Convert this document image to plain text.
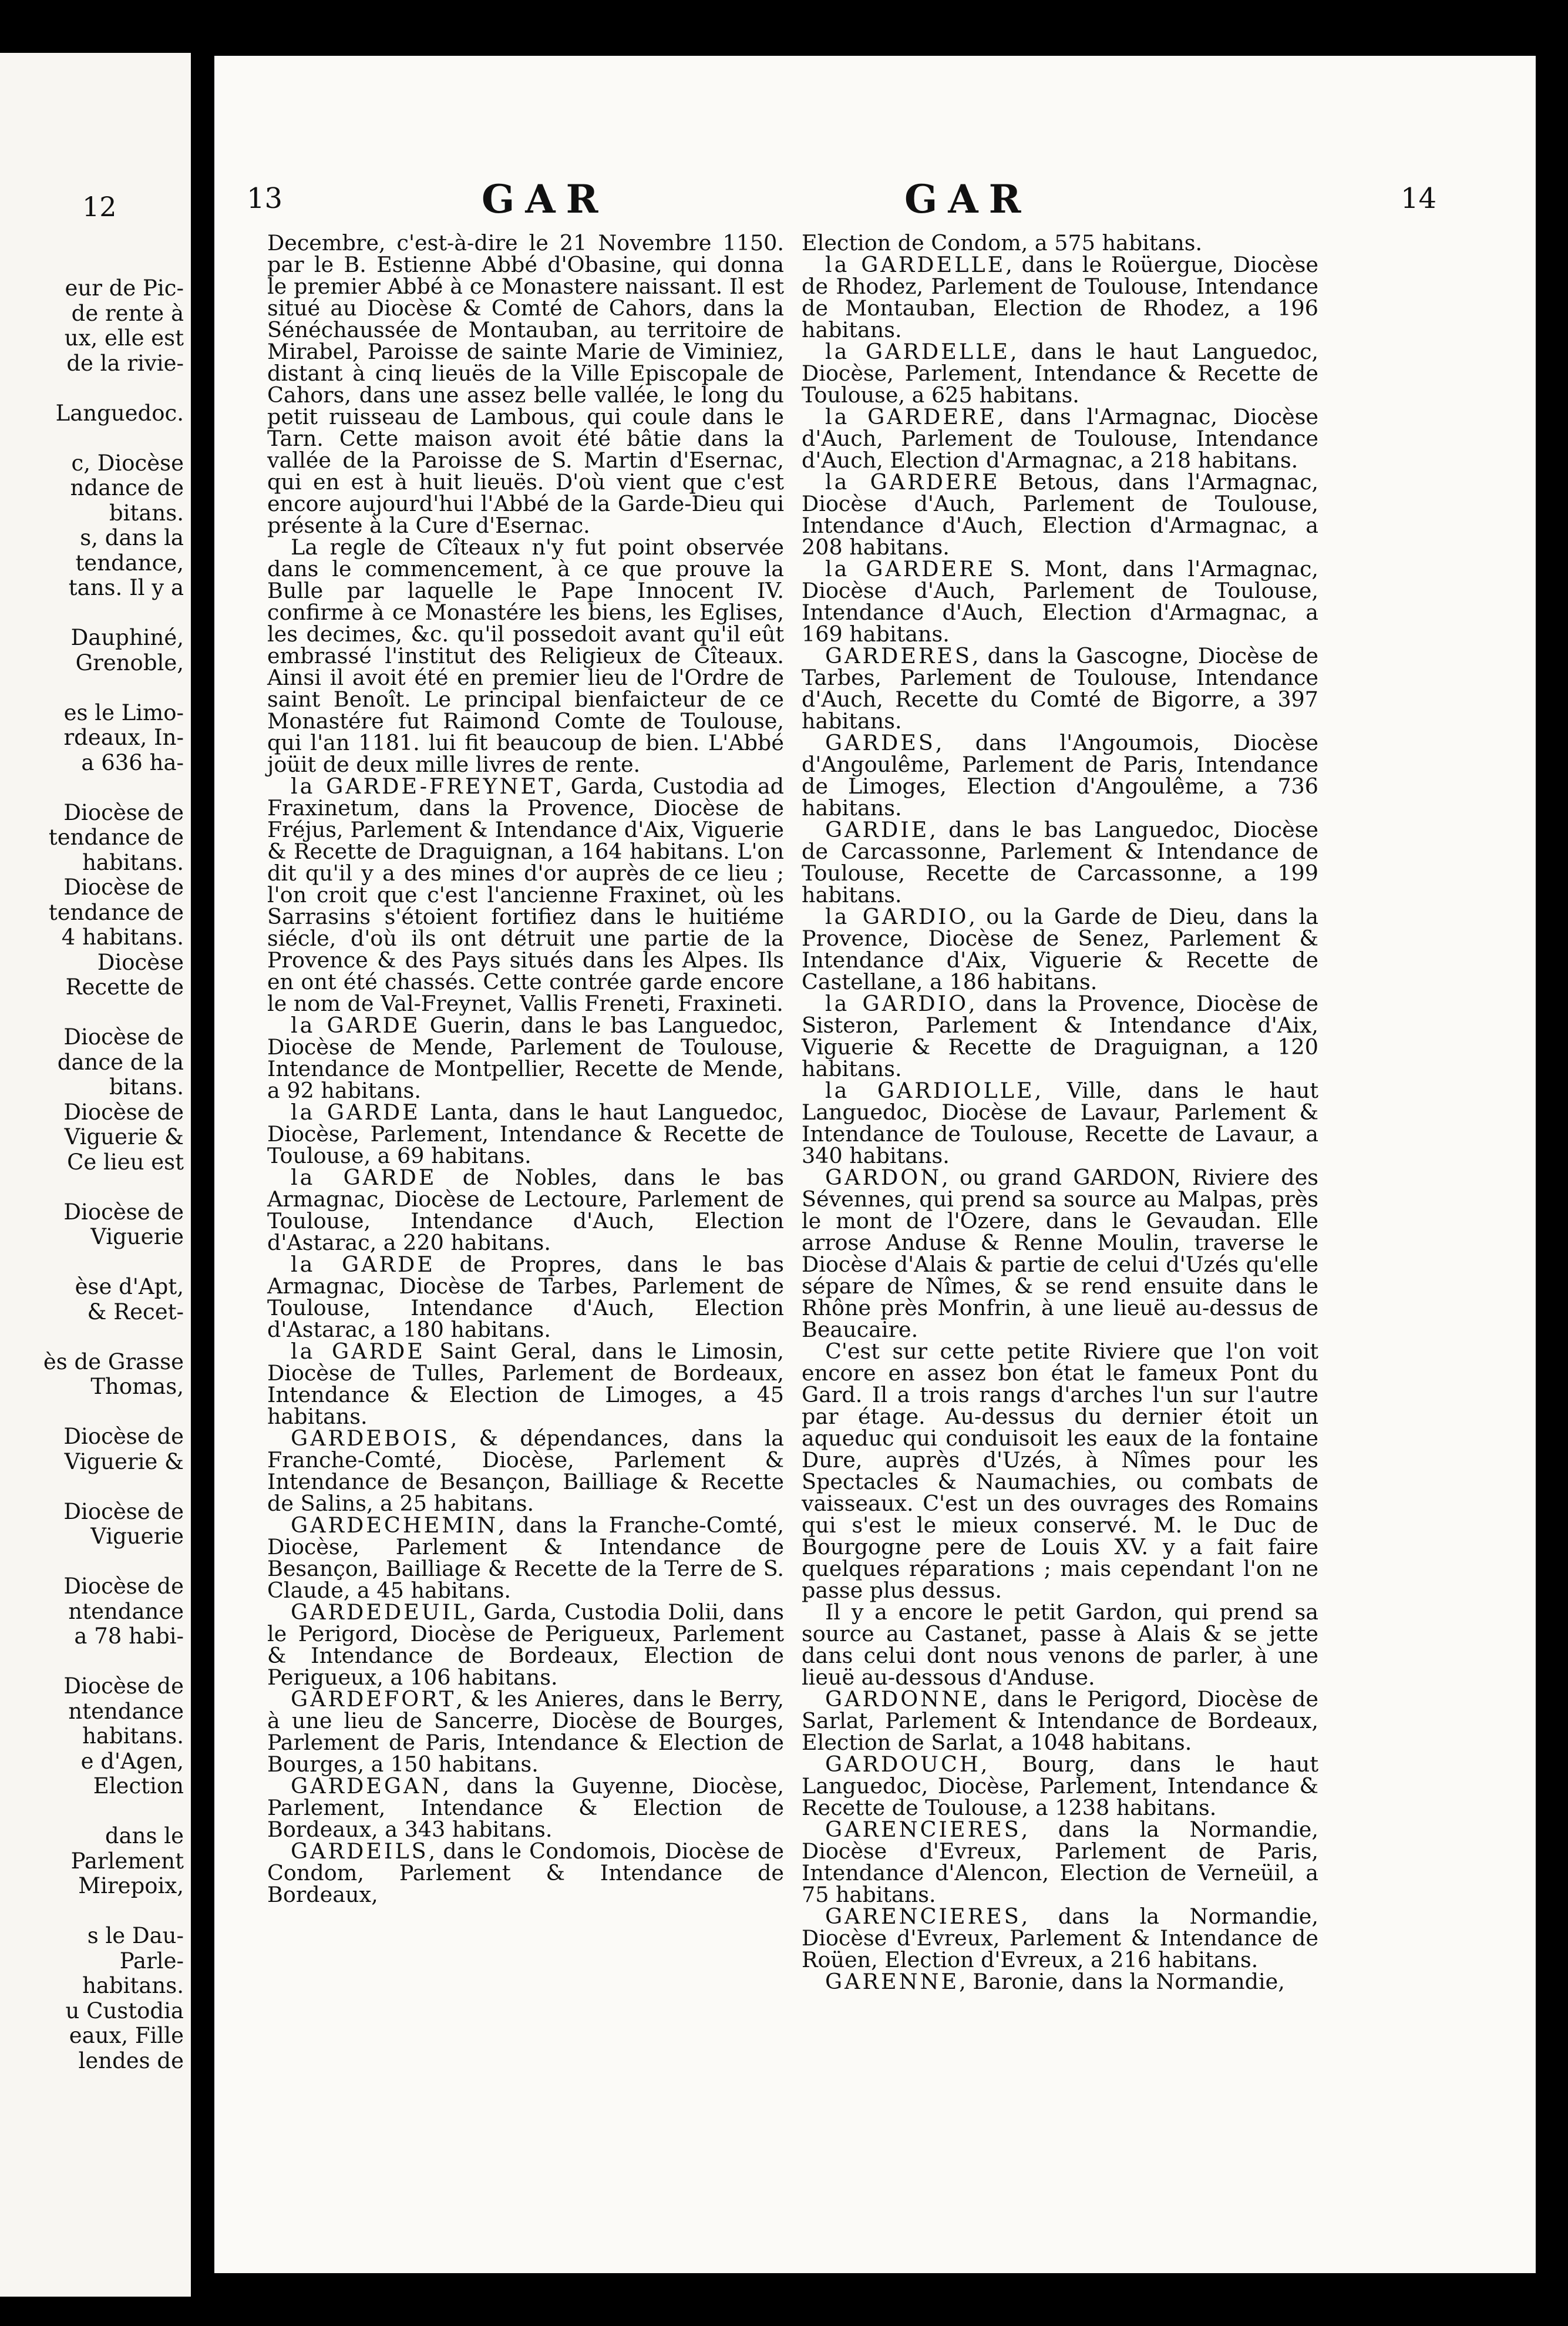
12
eur de Pic-
de rente à
ux, elle est
de la rivie-

Languedoc.

c, Diocèse
ndance de
bitans.
s, dans la
tendance,
tans. Il y a

Dauphiné,
Grenoble,

es le Limo-
rdeaux, In-
a 636 ha-

Diocèse de
tendance de
habitans.
Diocèse de
tendance de
4 habitans.
Diocèse
Recette de

Diocèse de
dance de la
bitans.
Diocèse de
Viguerie &
Ce lieu est

Diocèse de
Viguerie

èse d'Apt,
& Recet-

ès de Grasse
Thomas,

Diocèse de
Viguerie &

Diocèse de
Viguerie

Diocèse de
ntendance
a 78 habi-

Diocèse de
ntendance
habitans.
e d'Agen,
Election

dans le
Parlement
Mirepoix,

s le Dau-
Parle-
habitans.
u Custodia
eaux, Fille
lendes de
13	GAR	GAR	14

Decembre, c'est-à-dire le 21 Novembre 1150. par le B. Estienne Abbé d'Obasine, qui donna le premier Abbé à ce Monastere naissant. Il est situé au Diocèse & Comté de Cahors, dans la Sénéchaussée de Montauban, au territoire de Mirabel, Paroisse de sainte Marie de Viminiez, distant à cinq lieuës de la Ville Episcopale de Cahors, dans une assez belle vallée, le long du petit ruisseau de Lambous, qui coule dans le Tarn. Cette maison avoit été bâtie dans la vallée de la Paroisse de S. Martin d'Esernac, qui en est à huit lieuës. D'où vient que c'est encore aujourd'hui l'Abbé de la Garde-Dieu qui présente à la Cure d'Esernac.

La regle de Cîteaux n'y fut point observée dans le commencement, à ce que prouve la Bulle par laquelle le Pape Innocent IV. confirme à ce Monastére les biens, les Eglises, les decimes, &c. qu'il possedoit avant qu'il eût embrassé l'institut des Religieux de Cîteaux. Ainsi il avoit été en premier lieu de l'Ordre de saint Benoît. Le principal bienfaicteur de ce Monastére fut Raimond Comte de Toulouse, qui l'an 1181. lui fit beaucoup de bien. L'Abbé joüit de deux mille livres de rente.

la GARDE-FREYNET, Garda, Custodia ad Fraxinetum, dans la Provence, Diocèse de Fréjus, Parlement & Intendance d'Aix, Viguerie & Recette de Draguignan, a 164 habitans. L'on dit qu'il y a des mines d'or auprès de ce lieu ; l'on croit que c'est l'ancienne Fraxinet, où les Sarrasins s'étoient fortifiez dans le huitiéme siécle, d'où ils ont détruit une partie de la Provence & des Pays situés dans les Alpes. Ils en ont été chassés. Cette contrée garde encore le nom de Val-Freynet, Vallis Freneti, Fraxineti.

la GARDE Guerin, dans le bas Languedoc, Diocèse de Mende, Parlement de Toulouse, Intendance de Montpellier, Recette de Mende, a 92 habitans.

la GARDE Lanta, dans le haut Languedoc, Diocèse, Parlement, Intendance & Recette de Toulouse, a 69 habitans.

la GARDE de Nobles, dans le bas Armagnac, Diocèse de Lectoure, Parlement de Toulouse, Intendance d'Auch, Election d'Astarac, a 220 habitans.

la GARDE de Propres, dans le bas Armagnac, Diocèse de Tarbes, Parlement de Toulouse, Intendance d'Auch, Election d'Astarac, a 180 habitans.

la GARDE Saint Geral, dans le Limosin, Diocèse de Tulles, Parlement de Bordeaux, Intendance & Election de Limoges, a 45 habitans.

GARDEBOIS, & dépendances, dans la Franche-Comté, Diocèse, Parlement & Intendance de Besançon, Bailliage & Recette de Salins, a 25 habitans.

GARDECHEMIN, dans la Franche-Comté, Diocèse, Parlement & Intendance de Besançon, Bailliage & Recette de la Terre de S. Claude, a 45 habitans.

GARDEDEUIL, Garda, Custodia Dolii, dans le Perigord, Diocèse de Perigueux, Parlement & Intendance de Bordeaux, Election de Perigueux, a 106 habitans.

GARDEFORT, & les Anieres, dans le Berry, à une lieu de Sancerre, Diocèse de Bourges, Parlement de Paris, Intendance & Election de Bourges, a 150 habitans.

GARDEGAN, dans la Guyenne, Diocèse, Parlement, Intendance & Election de Bordeaux, a 343 habitans.

GARDEILS, dans le Condomois, Diocèse de Condom, Parlement & Intendance de Bordeaux,

Election de Condom, a 575 habitans.

la GARDELLE, dans le Roüergue, Diocèse de Rhodez, Parlement de Toulouse, Intendance de Montauban, Election de Rhodez, a 196 habitans.

la GARDELLE, dans le haut Languedoc, Diocèse, Parlement, Intendance & Recette de Toulouse, a 625 habitans.

la GARDERE, dans l'Armagnac, Diocèse d'Auch, Parlement de Toulouse, Intendance d'Auch, Election d'Armagnac, a 218 habitans.

la GARDERE Betous, dans l'Armagnac, Diocèse d'Auch, Parlement de Toulouse, Intendance d'Auch, Election d'Armagnac, a 208 habitans.

la GARDERE S. Mont, dans l'Armagnac, Diocèse d'Auch, Parlement de Toulouse, Intendance d'Auch, Election d'Armagnac, a 169 habitans.

GARDERES, dans la Gascogne, Diocèse de Tarbes, Parlement de Toulouse, Intendance d'Auch, Recette du Comté de Bigorre, a 397 habitans.

GARDES, dans l'Angoumois, Diocèse d'Angoulême, Parlement de Paris, Intendance de Limoges, Election d'Angoulême, a 736 habitans.

GARDIE, dans le bas Languedoc, Diocèse de Carcassonne, Parlement & Intendance de Toulouse, Recette de Carcassonne, a 199 habitans.

la GARDIO, ou la Garde de Dieu, dans la Provence, Diocèse de Senez, Parlement & Intendance d'Aix, Viguerie & Recette de Castellane, a 186 habitans.

la GARDIO, dans la Provence, Diocèse de Sisteron, Parlement & Intendance d'Aix, Viguerie & Recette de Draguignan, a 120 habitans.

la GARDIOLLE, Ville, dans le haut Languedoc, Diocèse de Lavaur, Parlement & Intendance de Toulouse, Recette de Lavaur, a 340 habitans.

GARDON, ou grand GARDON, Riviere des Sévennes, qui prend sa source au Malpas, près le mont de l'Ozere, dans le Gevaudan. Elle arrose Anduse & Renne Moulin, traverse le Diocèse d'Alais & partie de celui d'Uzés qu'elle sépare de Nîmes, & se rend ensuite dans le Rhône près Monfrin, à une lieuë au-dessus de Beaucaire.

C'est sur cette petite Riviere que l'on voit encore en assez bon état le fameux Pont du Gard. Il a trois rangs d'arches l'un sur l'autre par étage. Au-dessus du dernier étoit un aqueduc qui conduisoit les eaux de la fontaine Dure, auprès d'Uzés, à Nîmes pour les Spectacles & Naumachies, ou combats de vaisseaux. C'est un des ouvrages des Romains qui s'est le mieux conservé. M. le Duc de Bourgogne pere de Louis XV. y a fait faire quelques réparations ; mais cependant l'on ne passe plus dessus.

Il y a encore le petit Gardon, qui prend sa source au Castanet, passe à Alais & se jette dans celui dont nous venons de parler, à une lieuë au-dessous d'Anduse.

GARDONNE, dans le Perigord, Diocèse de Sarlat, Parlement & Intendance de Bordeaux, Election de Sarlat, a 1048 habitans.

GARDOUCH, Bourg, dans le haut Languedoc, Diocèse, Parlement, Intendance & Recette de Toulouse, a 1238 habitans.

GARENCIERES, dans la Normandie, Diocèse d'Evreux, Parlement de Paris, Intendance d'Alencon, Election de Verneüil, a 75 habitans.

GARENCIERES, dans la Normandie, Diocèse d'Evreux, Parlement & Intendance de Roüen, Election d'Evreux, a 216 habitans.

GARENNE, Baronie, dans la Normandie,
